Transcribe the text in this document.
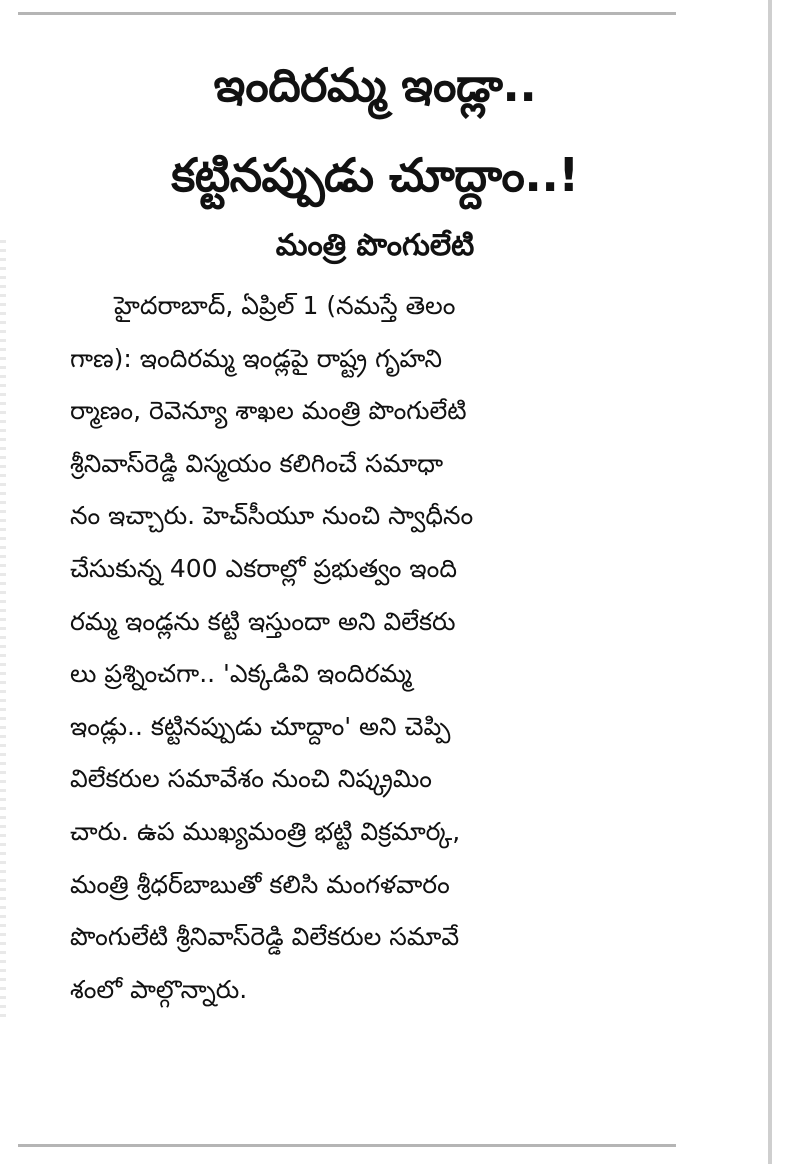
ఇందిరమ్మ ఇండ్లా..
కట్టినప్పుడు చూద్దాం..!
మంత్రి పొంగులేటి
హైదరాబాద్, ఏప్రిల్ 1 (నమస్తే తెలం
గాణ): ఇందిరమ్మ ఇండ్లపై రాష్ట్ర గృహని
ర్మాణం, రెవెన్యూ శాఖల మంత్రి పొంగులేటి
శ్రీనివాస్‌రెడ్డి విస్మయం కలిగించే సమాధా
నం ఇచ్చారు. హెచ్‌సీయూ నుంచి స్వాధీనం
చేసుకున్న 400 ఎకరాల్లో ప్రభుత్వం ఇంది
రమ్మ ఇండ్లను కట్టి ఇస్తుందా అని విలేకరు
లు ప్రశ్నించగా.. 'ఎక్కడివి ఇందిరమ్మ
ఇండ్లు.. కట్టినప్పుడు చూద్దాం' అని చెప్పి
విలేకరుల సమావేశం నుంచి నిష్క్రమిం
చారు. ఉప ముఖ్యమంత్రి భట్టి విక్రమార్క,
మంత్రి శ్రీధర్‌బాబుతో కలిసి మంగళవారం
పొంగులేటి శ్రీనివాస్‌రెడ్డి విలేకరుల సమావే
శంలో పాల్గొన్నారు.
